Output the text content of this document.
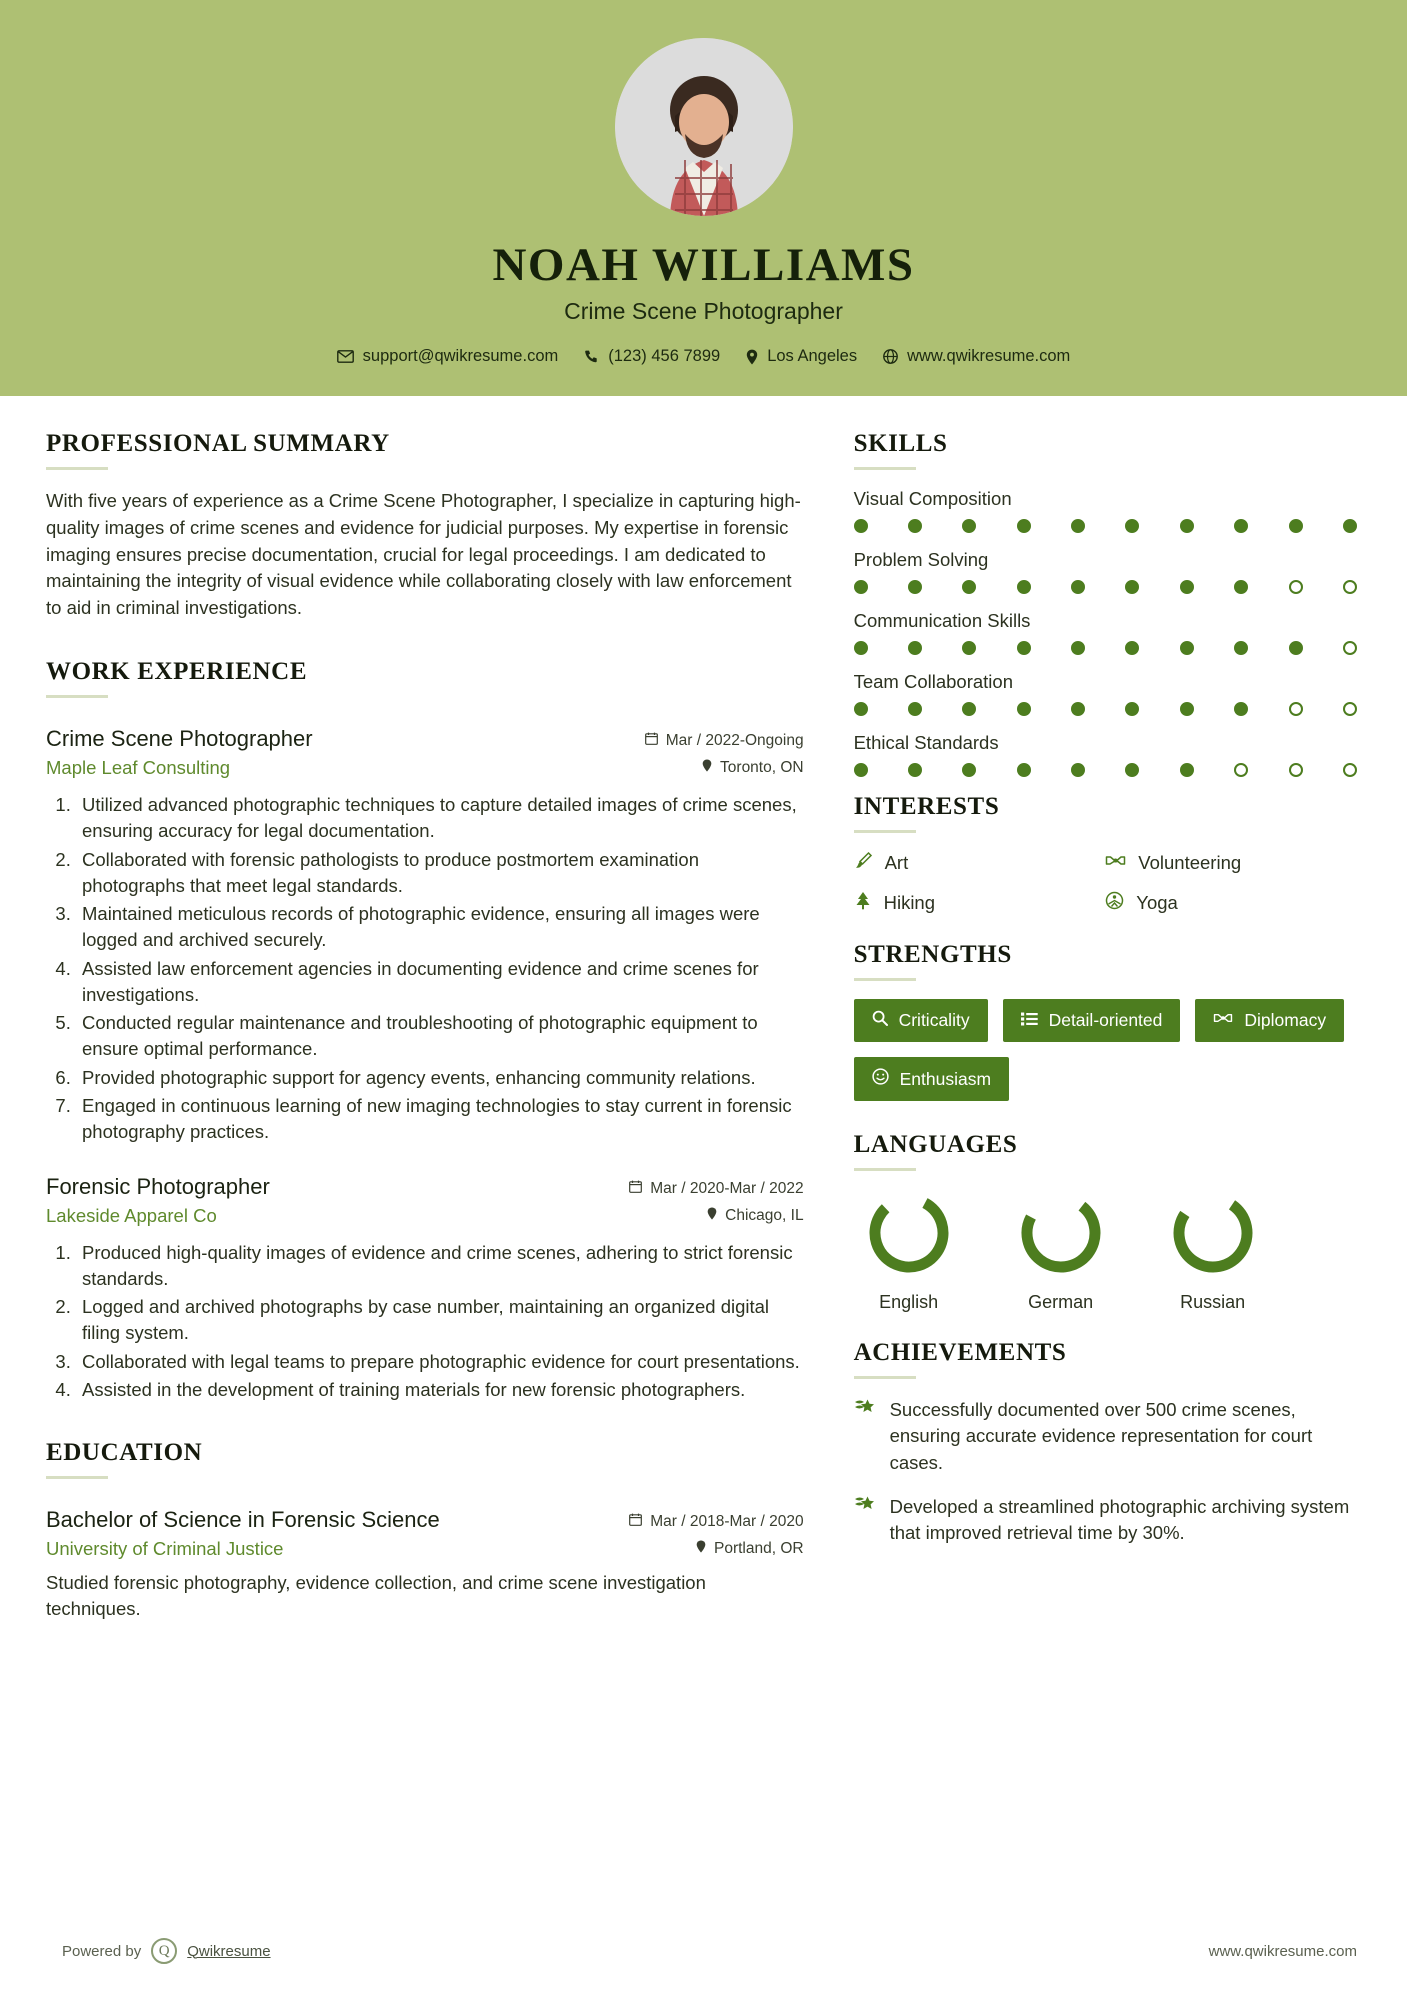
NOAH WILLIAMS
Crime Scene Photographer
support@qwikresume.com	(123) 456 7899	Los Angeles	www.qwikresume.com
PROFESSIONAL SUMMARY

With five years of experience as a Crime Scene Photographer, I specialize in capturing high-quality images of crime scenes and evidence for judicial purposes. My expertise in forensic imaging ensures precise documentation, crucial for legal proceedings. I am dedicated to maintaining the integrity of visual evidence while collaborating closely with law enforcement to aid in criminal investigations.

WORK EXPERIENCE
Crime Scene Photographer
Maple Leaf Consulting
Mar / 2022-Ongoing
Toronto, ON
1. Utilized advanced photographic techniques to capture detailed images of crime scenes, ensuring accuracy for legal documentation.
2. Collaborated with forensic pathologists to produce postmortem examination photographs that meet legal standards.
3. Maintained meticulous records of photographic evidence, ensuring all images were logged and archived securely.
4. Assisted law enforcement agencies in documenting evidence and crime scenes for investigations.
5. Conducted regular maintenance and troubleshooting of photographic equipment to ensure optimal performance.
6. Provided photographic support for agency events, enhancing community relations.
7. Engaged in continuous learning of new imaging technologies to stay current in forensic photography practices.
Forensic Photographer
Lakeside Apparel Co
Mar / 2020-Mar / 2022
Chicago, IL
1. Produced high-quality images of evidence and crime scenes, adhering to strict forensic standards.
2. Logged and archived photographs by case number, maintaining an organized digital filing system.
3. Collaborated with legal teams to prepare photographic evidence for court presentations.
4. Assisted in the development of training materials for new forensic photographers.
EDUCATION
Bachelor of Science in Forensic Science
University of Criminal Justice
Mar / 2018-Mar / 2020
Portland, OR

Studied forensic photography, evidence collection, and crime scene investigation techniques.

SKILLS
Visual Composition
Problem Solving
Communication Skills
Team Collaboration
Ethical Standards
INTERESTS
Art	Volunteering
Hiking	Yoga
STRENGTHS
Criticality	Detail-oriented	Diplomacy
Enthusiasm
LANGUAGES
English	German	Russian
ACHIEVEMENTS
Successfully documented over 500 crime scenes, ensuring accurate evidence representation for court cases.
Developed a streamlined photographic archiving system that improved retrieval time by 30%.
Powered by	Q	Qwikresume	www.qwikresume.com
